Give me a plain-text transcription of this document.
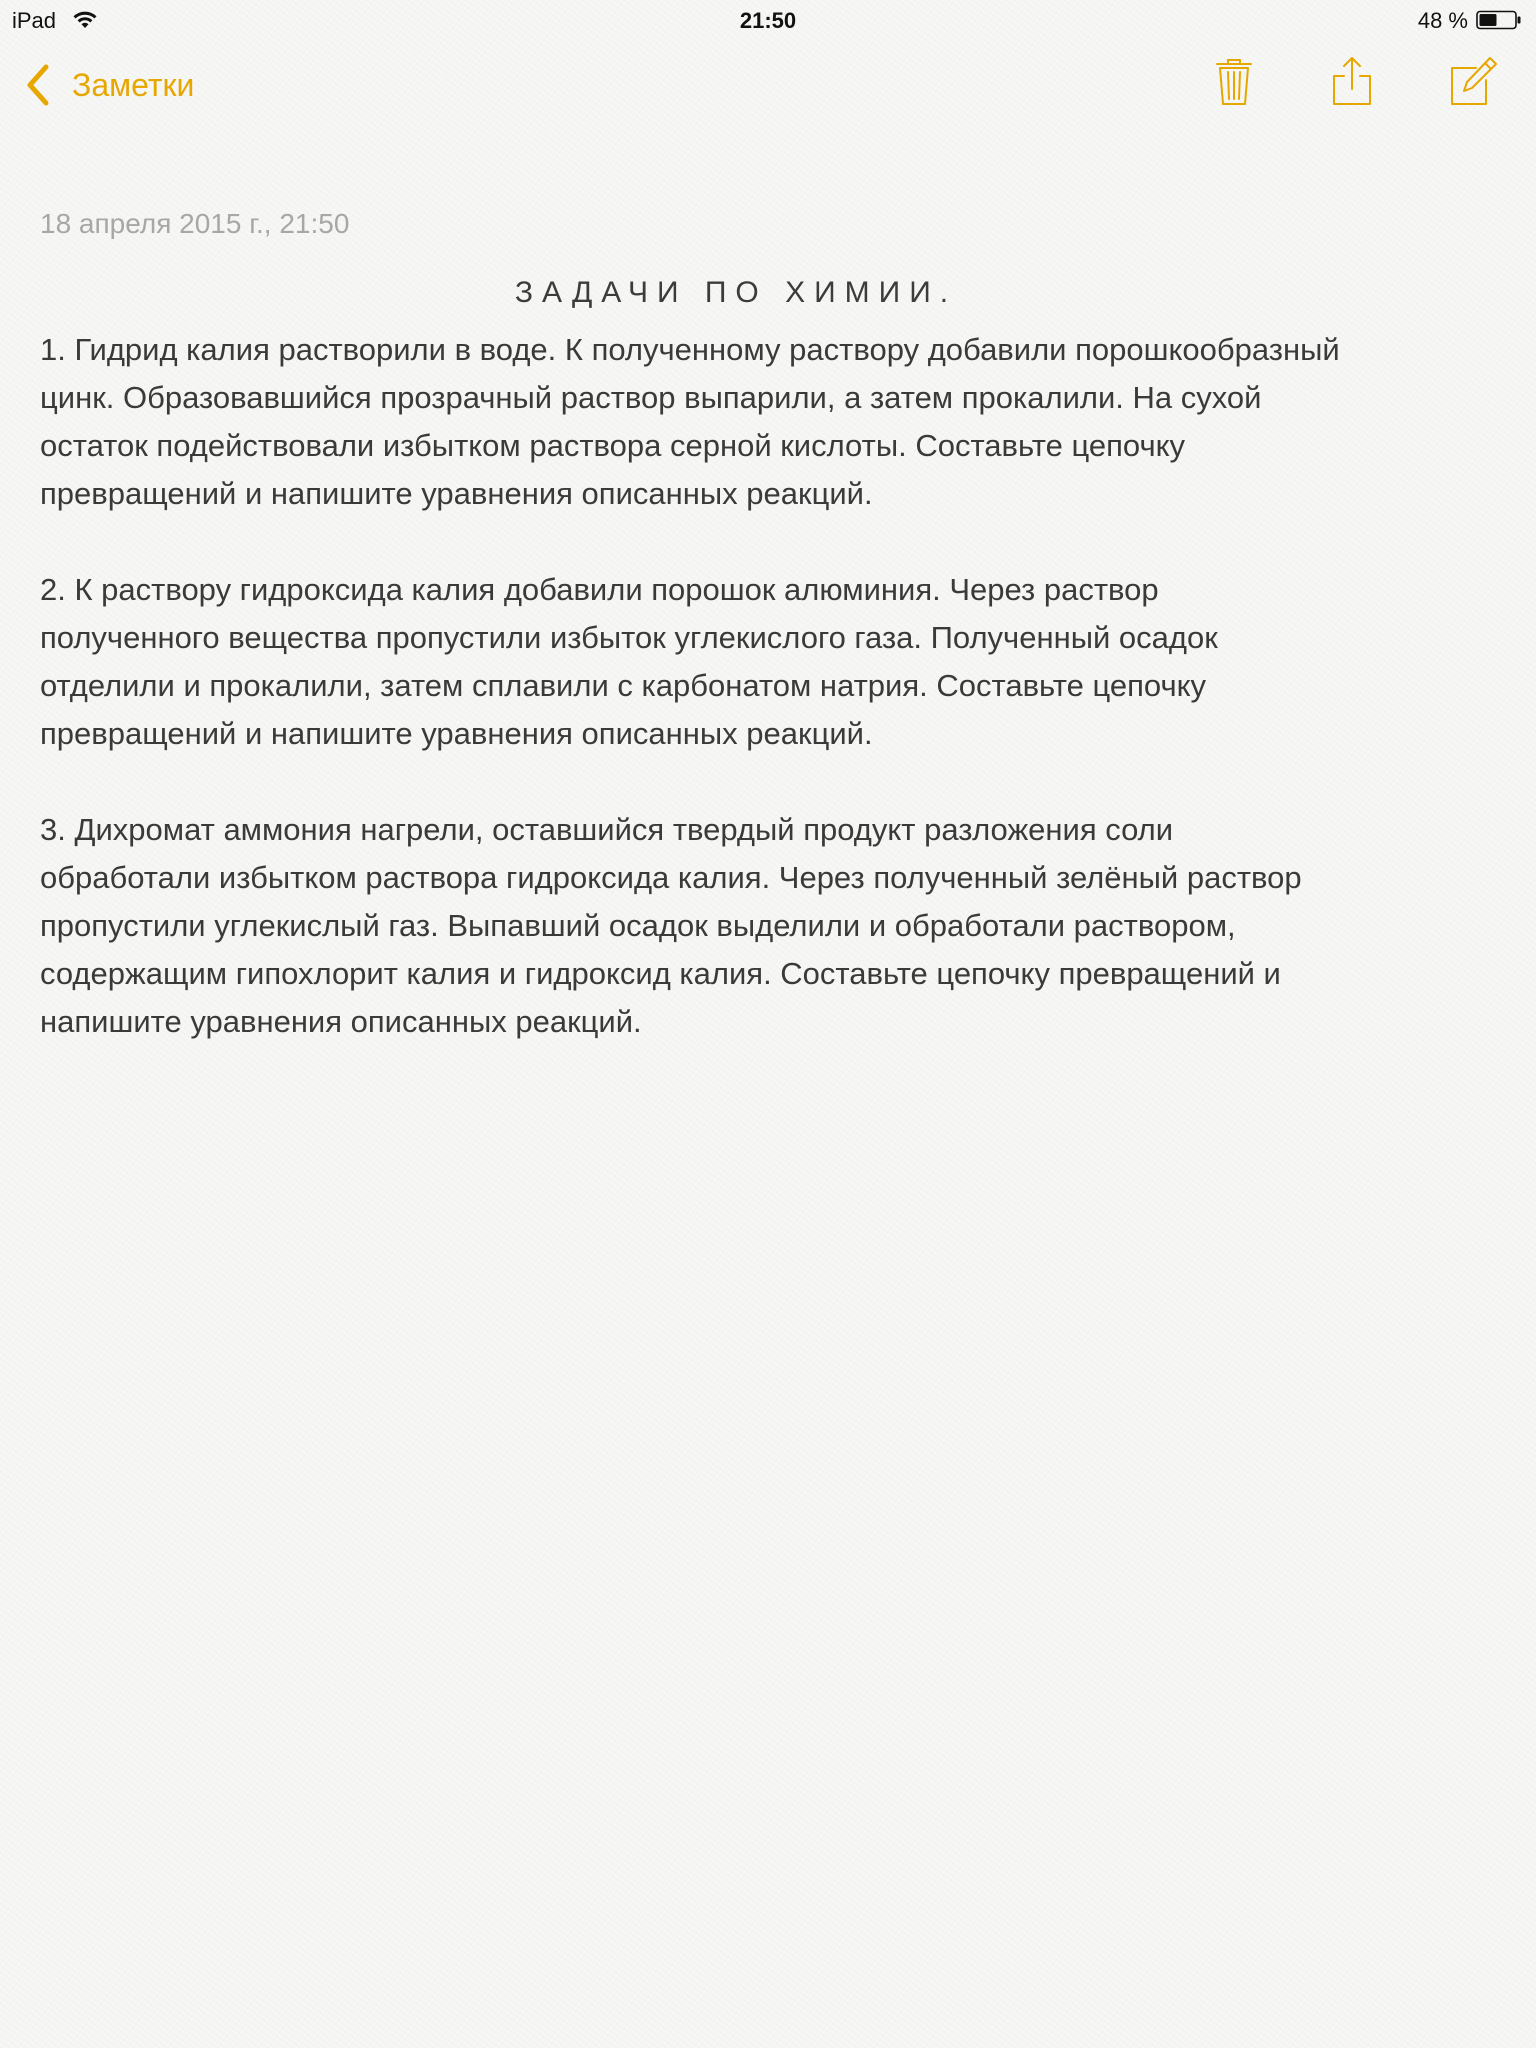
iPad	21:50	48 %
Заметки
18 апреля 2015 г., 21:50
ЗАДАЧИ ПО ХИМИИ.

1. Гидрид калия растворили в воде. К полученному раствору добавили порошкообразный
цинк. Образовавшийся прозрачный раствор выпарили, а затем прокалили. На сухой
остаток подействовали избытком раствора серной кислоты. Составьте цепочку
превращений и напишите уравнения описанных реакций.

2. К раствору гидроксида калия добавили порошок алюминия. Через раствор
полученного вещества пропустили избыток углекислого газа. Полученный осадок
отделили и прокалили, затем сплавили с карбонатом натрия. Составьте цепочку
превращений и напишите уравнения описанных реакций.

3. Дихромат аммония нагрели, оставшийся твердый продукт разложения соли
обработали избытком раствора гидроксида калия. Через полученный зелёный раствор
пропустили углекислый газ. Выпавший осадок выделили и обработали раствором,
содержащим гипохлорит калия и гидроксид калия. Составьте цепочку превращений и
напишите уравнения описанных реакций.
